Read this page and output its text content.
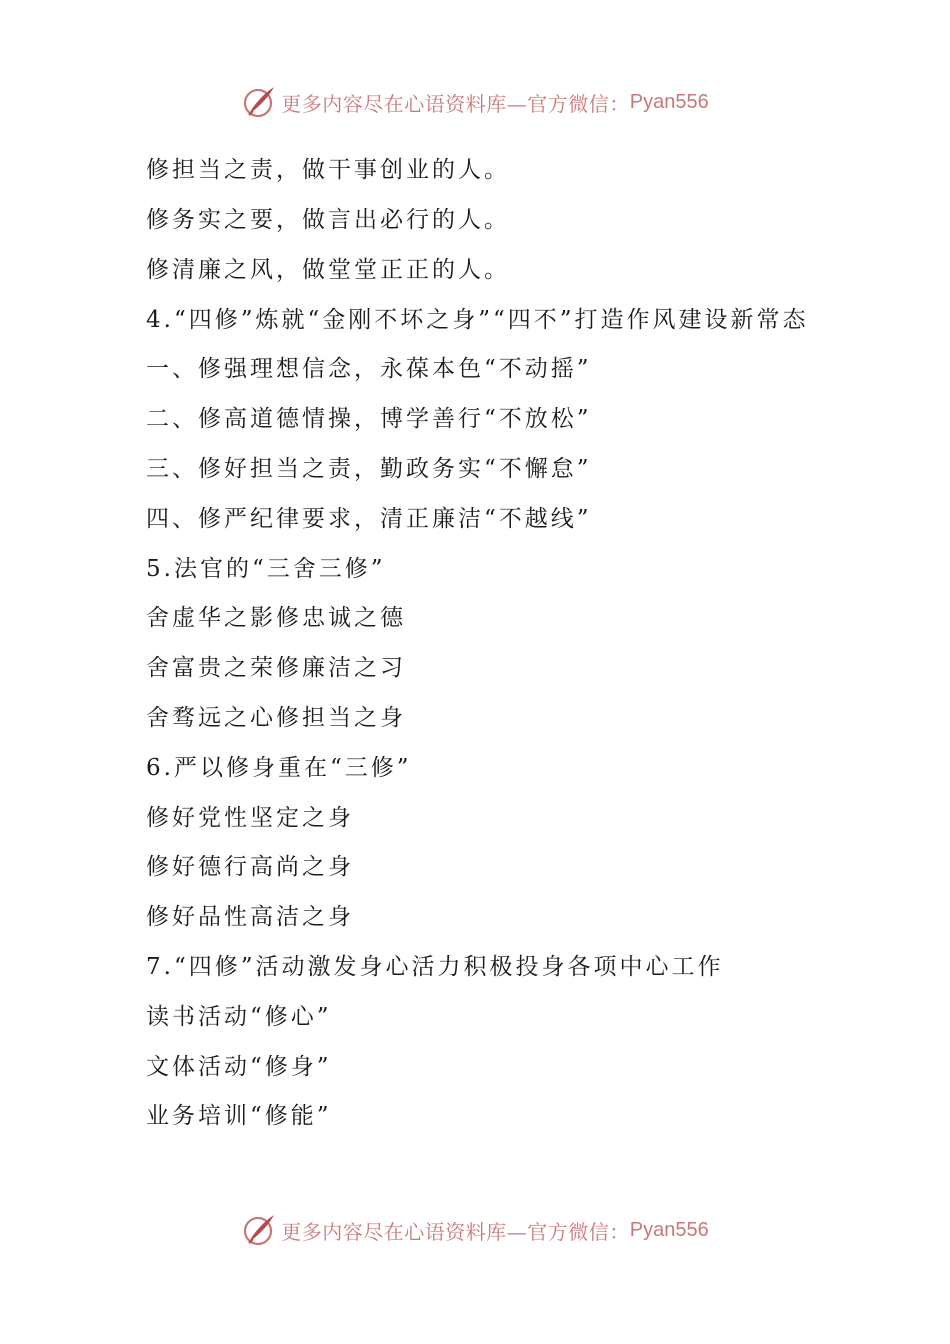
更多内容尽在心语资料库—官方微信： Pyan556
修担当之责，做干事创业的人。
修务实之要，做言出必行的人。
修清廉之风，做堂堂正正的人。
4.“四修”炼就“金刚不坏之身”“四不”打造作风建设新常态
一、修强理想信念，永葆本色“不动摇”
二、修高道德情操，博学善行“不放松”
三、修好担当之责，勤政务实“不懈怠”
四、修严纪律要求，清正廉洁“不越线”
5.法官的“三舍三修”
舍虚华之影修忠诚之德
舍富贵之荣修廉洁之习
舍骛远之心修担当之身
6.严以修身重在“三修”
修好党性坚定之身
修好德行高尚之身
修好品性高洁之身
7.“四修”活动激发身心活力积极投身各项中心工作
读书活动“修心”
文体活动“修身”
业务培训“修能”
更多内容尽在心语资料库—官方微信： Pyan556
